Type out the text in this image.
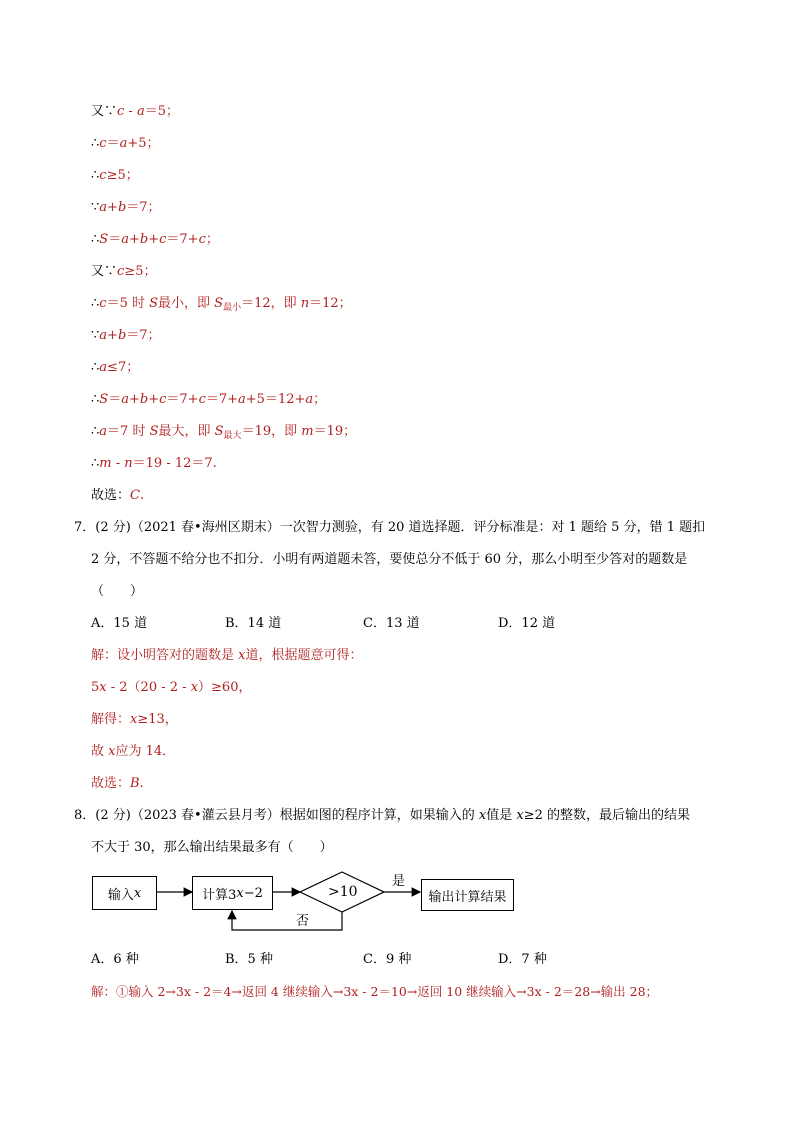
又∵c - a＝5；
∴c＝a+5；
∴c≥5；
∵a+b＝7；
∴S＝a+b+c＝7+c；
又∵c≥5；
∴c＝5 时 S最小，即 $S_{最小}=12$，即 n＝12；
∵a+b＝7；
∴a≤7；
∴S＝a+b+c＝7+c＝7+a+5＝12+a；
∴a＝7 时 S最大，即 $S_{最大}=19$，即 m＝19；
∴m - n＝19 - 12＝7.
故选：C.
7．(2 分)（2021 春•海州区期末）一次智力测验，有 20 道选择题．评分标准是：对 1 题给 5 分，错 1 题扣
2 分，不答题不给分也不扣分．小明有两道题未答，要使总分不低于 60 分，那么小明至少答对的题数是
（　　）
A．15 道	B．14 道	C．13 道	D．12 道
解：设小明答对的题数是 x道，根据题意可得：
5x - 2（20 - 2 - x）≥60，
解得：x≥13，
故 x应为 14．
故选：B.
8．(2 分)（2023 春•灌云县月考）根据如图的程序计算，如果输入的 x值是 x≥2 的整数，最后输出的结果
不大于 30，那么输出结果最多有（　　）
输入 x	计算3 x −2	>10
是
否
输出计算结果
A．6 种	B．5 种	C．9 种	D．7 种
解：①输入 2→3x - 2＝4→返回 4 继续输入→3x - 2＝10→返回 10 继续输入→3x - 2＝28→输出 28；
